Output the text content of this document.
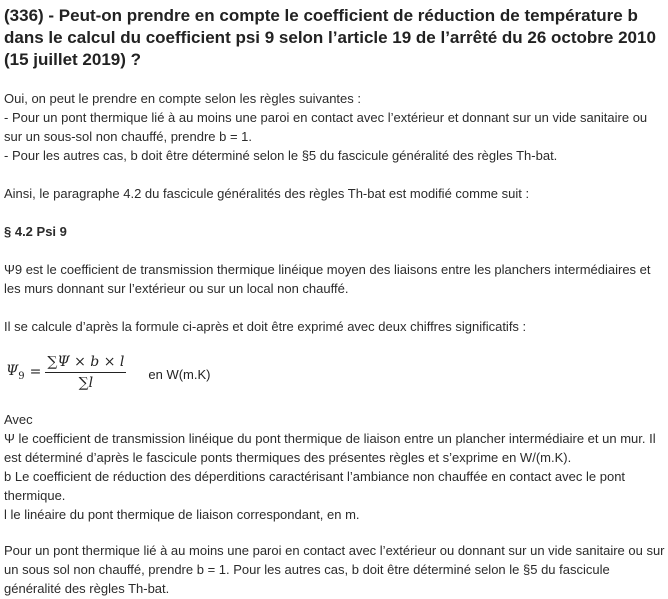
(336) - Peut-on prendre en compte le coefficient de réduction de température b dans le calcul du coefficient psi 9 selon l’article 19 de l’arrêté du 26 octobre 2010 (15 juillet 2019) ?

Oui, on peut le prendre en compte selon les règles suivantes :

- Pour un pont thermique lié à au moins une paroi en contact avec l’extérieur et donnant sur un vide sanitaire ou sur un sous-sol non chauffé, prendre b = 1.

- Pour les autres cas, b doit être déterminé selon le §5 du fascicule généralité des règles Th-bat.

Ainsi, le paragraphe 4.2 du fascicule généralités des règles Th-bat est modifié comme suit :

§ 4.2 Psi 9

Ψ9 est le coefficient de transmission thermique linéique moyen des liaisons entre les planchers intermédiaires et les murs donnant sur l’extérieur ou sur un local non chauffé.

Il se calcule d’après la formule ci-après et doit être exprimé avec deux chiffres significatifs :

$\Psi_9 = \frac{\sum\Psi \times b \times l}{\sum l}$ en W(m.K)

Avec

Ψ le coefficient de transmission linéique du pont thermique de liaison entre un plancher intermédiaire et un mur. Il est déterminé d’après le fascicule ponts thermiques des présentes règles et s’exprime en W/(m.K).

b Le coefficient de réduction des déperditions caractérisant l’ambiance non chauffée en contact avec le pont thermique.

l le linéaire du pont thermique de liaison correspondant, en m.

Pour un pont thermique lié à au moins une paroi en contact avec l’extérieur ou donnant sur un vide sanitaire ou sur un sous sol non chauffé, prendre b = 1. Pour les autres cas, b doit être déterminé selon le §5 du fascicule généralité des règles Th-bat.
